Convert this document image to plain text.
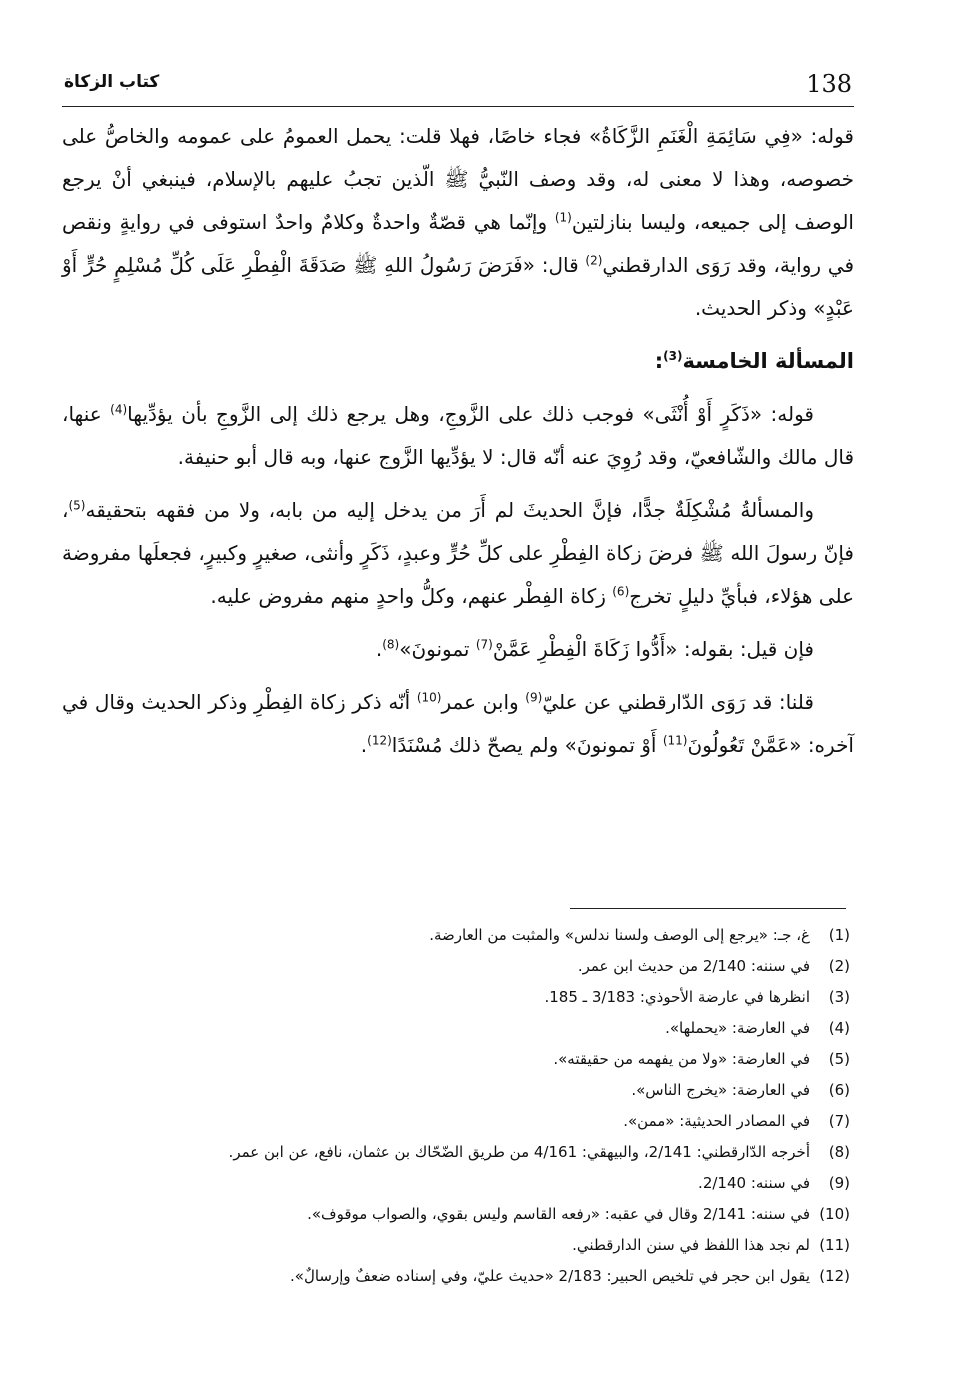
138
كتاب الزكاة

قوله: «فِي سَائِمَةِ الْغَنَمِ الزَّكَاةُ» فجاء خاصًا، فهلا قلت: يحمل العمومُ على عمومه والخاصُّ على خصوصه، وهذا لا معنى له، وقد وصف النّبيُّ ﷺ الّذين تجبُ عليهم بالإسلام، فينبغي أنْ يرجع الوصف إلى جميعه، وليسا بنازلتين$^{(1)}$ وإنّما هي قصّةٌ واحدةٌ وكلامٌ واحدٌ استوفى في روايةٍ ونقص في رواية، وقد رَوَى الدارقطني$^{(2)}$ قال: «فَرَضَ رَسُولُ اللهِ ﷺ صَدَقَةَ الْفِطْرِ عَلَى كُلِّ مُسْلِمٍ حُرٍّ أَوْ عَبْدٍ» وذكر الحديث.

المسألة الخامسة$^{(3)}$:

قوله: «ذَكَرٍ أَوْ أُنْثَى» فوجب ذلك على الزَّوجِ، وهل يرجع ذلك إلى الزَّوجِ بأن يؤدِّيها$^{(4)}$ عنها، قال مالك والشّافعيّ، وقد رُوِيَ عنه أنّه قال: لا يؤدِّيها الزَّوج عنها، وبه قال أبو حنيفة.

والمسألةُ مُشْكِلَةٌ جدًّا، فإنَّ الحديثَ لم أَرَ من يدخل إليه من بابه، ولا من فقهه بتحقيقه$^{(5)}$، فإنّ رسولَ الله ﷺ فرضَ زكاة الفِطْرِ على كلِّ حُرٍّ وعبدٍ، ذَكَرٍ وأنثى، صغيرٍ وكبيرٍ، فجعلَها مفروضة على هؤلاء، فبأيِّ دليلٍ تخرج$^{(6)}$ زكاة الفِطْر عنهم، وكلُّ واحدٍ منهم مفروض عليه.

فإن قيل: بقوله: «أَدُّوا زَكَاةَ الْفِطْرِ عَمَّنْ$^{(7)}$ تمونونَ»$^{(8)}$.

قلنا: قد رَوَى الدّارقطني عن عليّ$^{(9)}$ وابن عمر$^{(10)}$ أنّه ذكر زكاة الفِطْرِ وذكر الحديث وقال في آخره: «عَمَّنْ تَعُولُونَ$^{(11)}$ أَوْ تمونونَ» ولم يصحّ ذلك مُسْنَدًا$^{(12)}$.

(1)
غ، جـ: «يرجع إلى الوصف ولسنا ندلس» والمثبت من العارضة.
(2)
في سننه: 2/140 من حديث ابن عمر.
(3)
انظرها في عارضة الأحوذي: 3/183 ـ 185.
(4)
في العارضة: «يحملها».
(5)
في العارضة: «ولا من يفهمه من حقيقته».
(6)
في العارضة: «يخرج الناس».
(7)
في المصادر الحديثية: «ممن».
(8)
أخرجه الدّارقطني: 2/141، والبيهقي: 4/161 من طريق الضّحّاك بن عثمان، نافع، عن ابن عمر.
(9)
في سننه: 2/140.
(10)
في سننه: 2/141 وقال في عقبه: «رفعه القاسم وليس بقوي، والصواب موقوف».
(11)
لم نجد هذا اللفظ في سنن الدارقطني.
(12)
يقول ابن حجر في تلخيص الحبير: 2/183 «حديث عليّ، وفي إسناده ضعفٌ وإرسالٌ».
